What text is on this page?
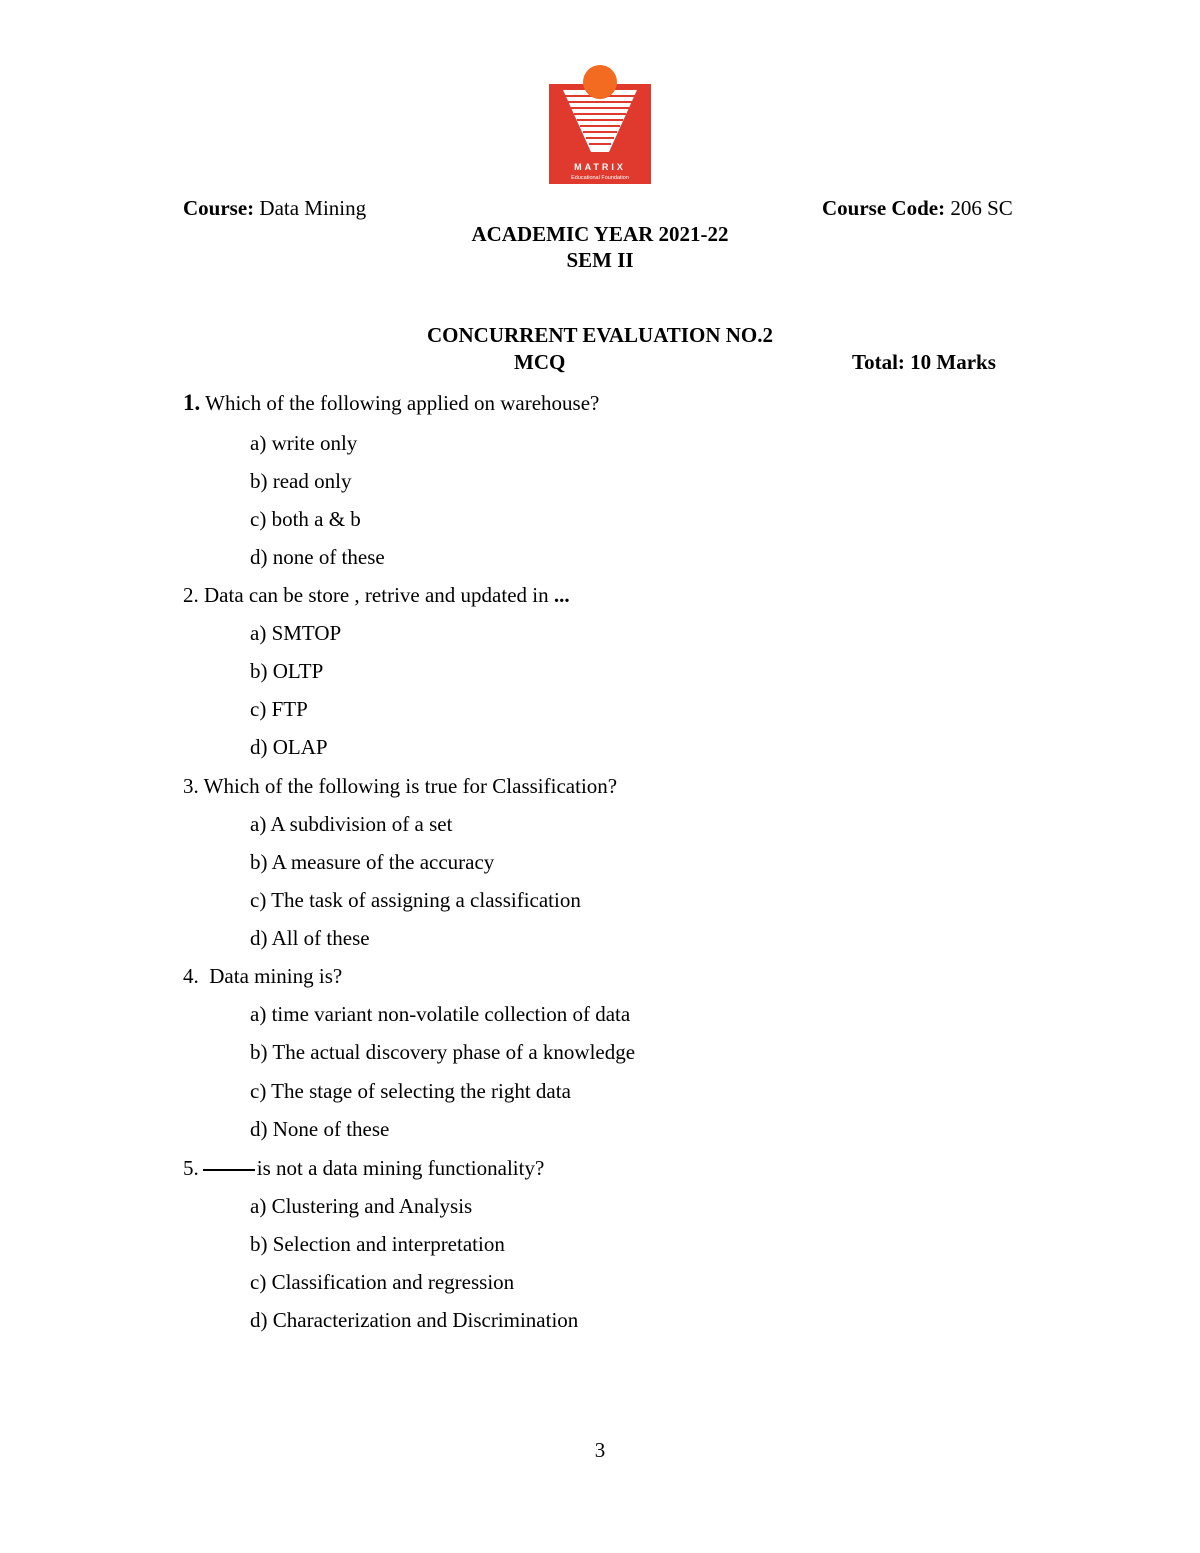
MATRIX
Educational Foundation
Course: Data Mining	Course Code: 206 SC
ACADEMIC YEAR 2021-22
SEM II
CONCURRENT EVALUATION NO.2
MCQ	Total: 10 Marks
1. Which of the following applied on warehouse?
a) write only
b) read only
c) both a & b
d) none of these
2. Data can be store , retrive and updated in ...
a) SMTOP
b) OLTP
c) FTP
d) OLAP
3. Which of the following is true for Classification?
a) A subdivision of a set
b) A measure of the accuracy
c) The task of assigning a classification
d) All of these
4.  Data mining is?
a) time variant non-volatile collection of data
b) The actual discovery phase of a knowledge
c) The stage of selecting the right data
d) None of these
5.	is not a data mining functionality?
a) Clustering and Analysis
b) Selection and interpretation
c) Classification and regression
d) Characterization and Discrimination
3
